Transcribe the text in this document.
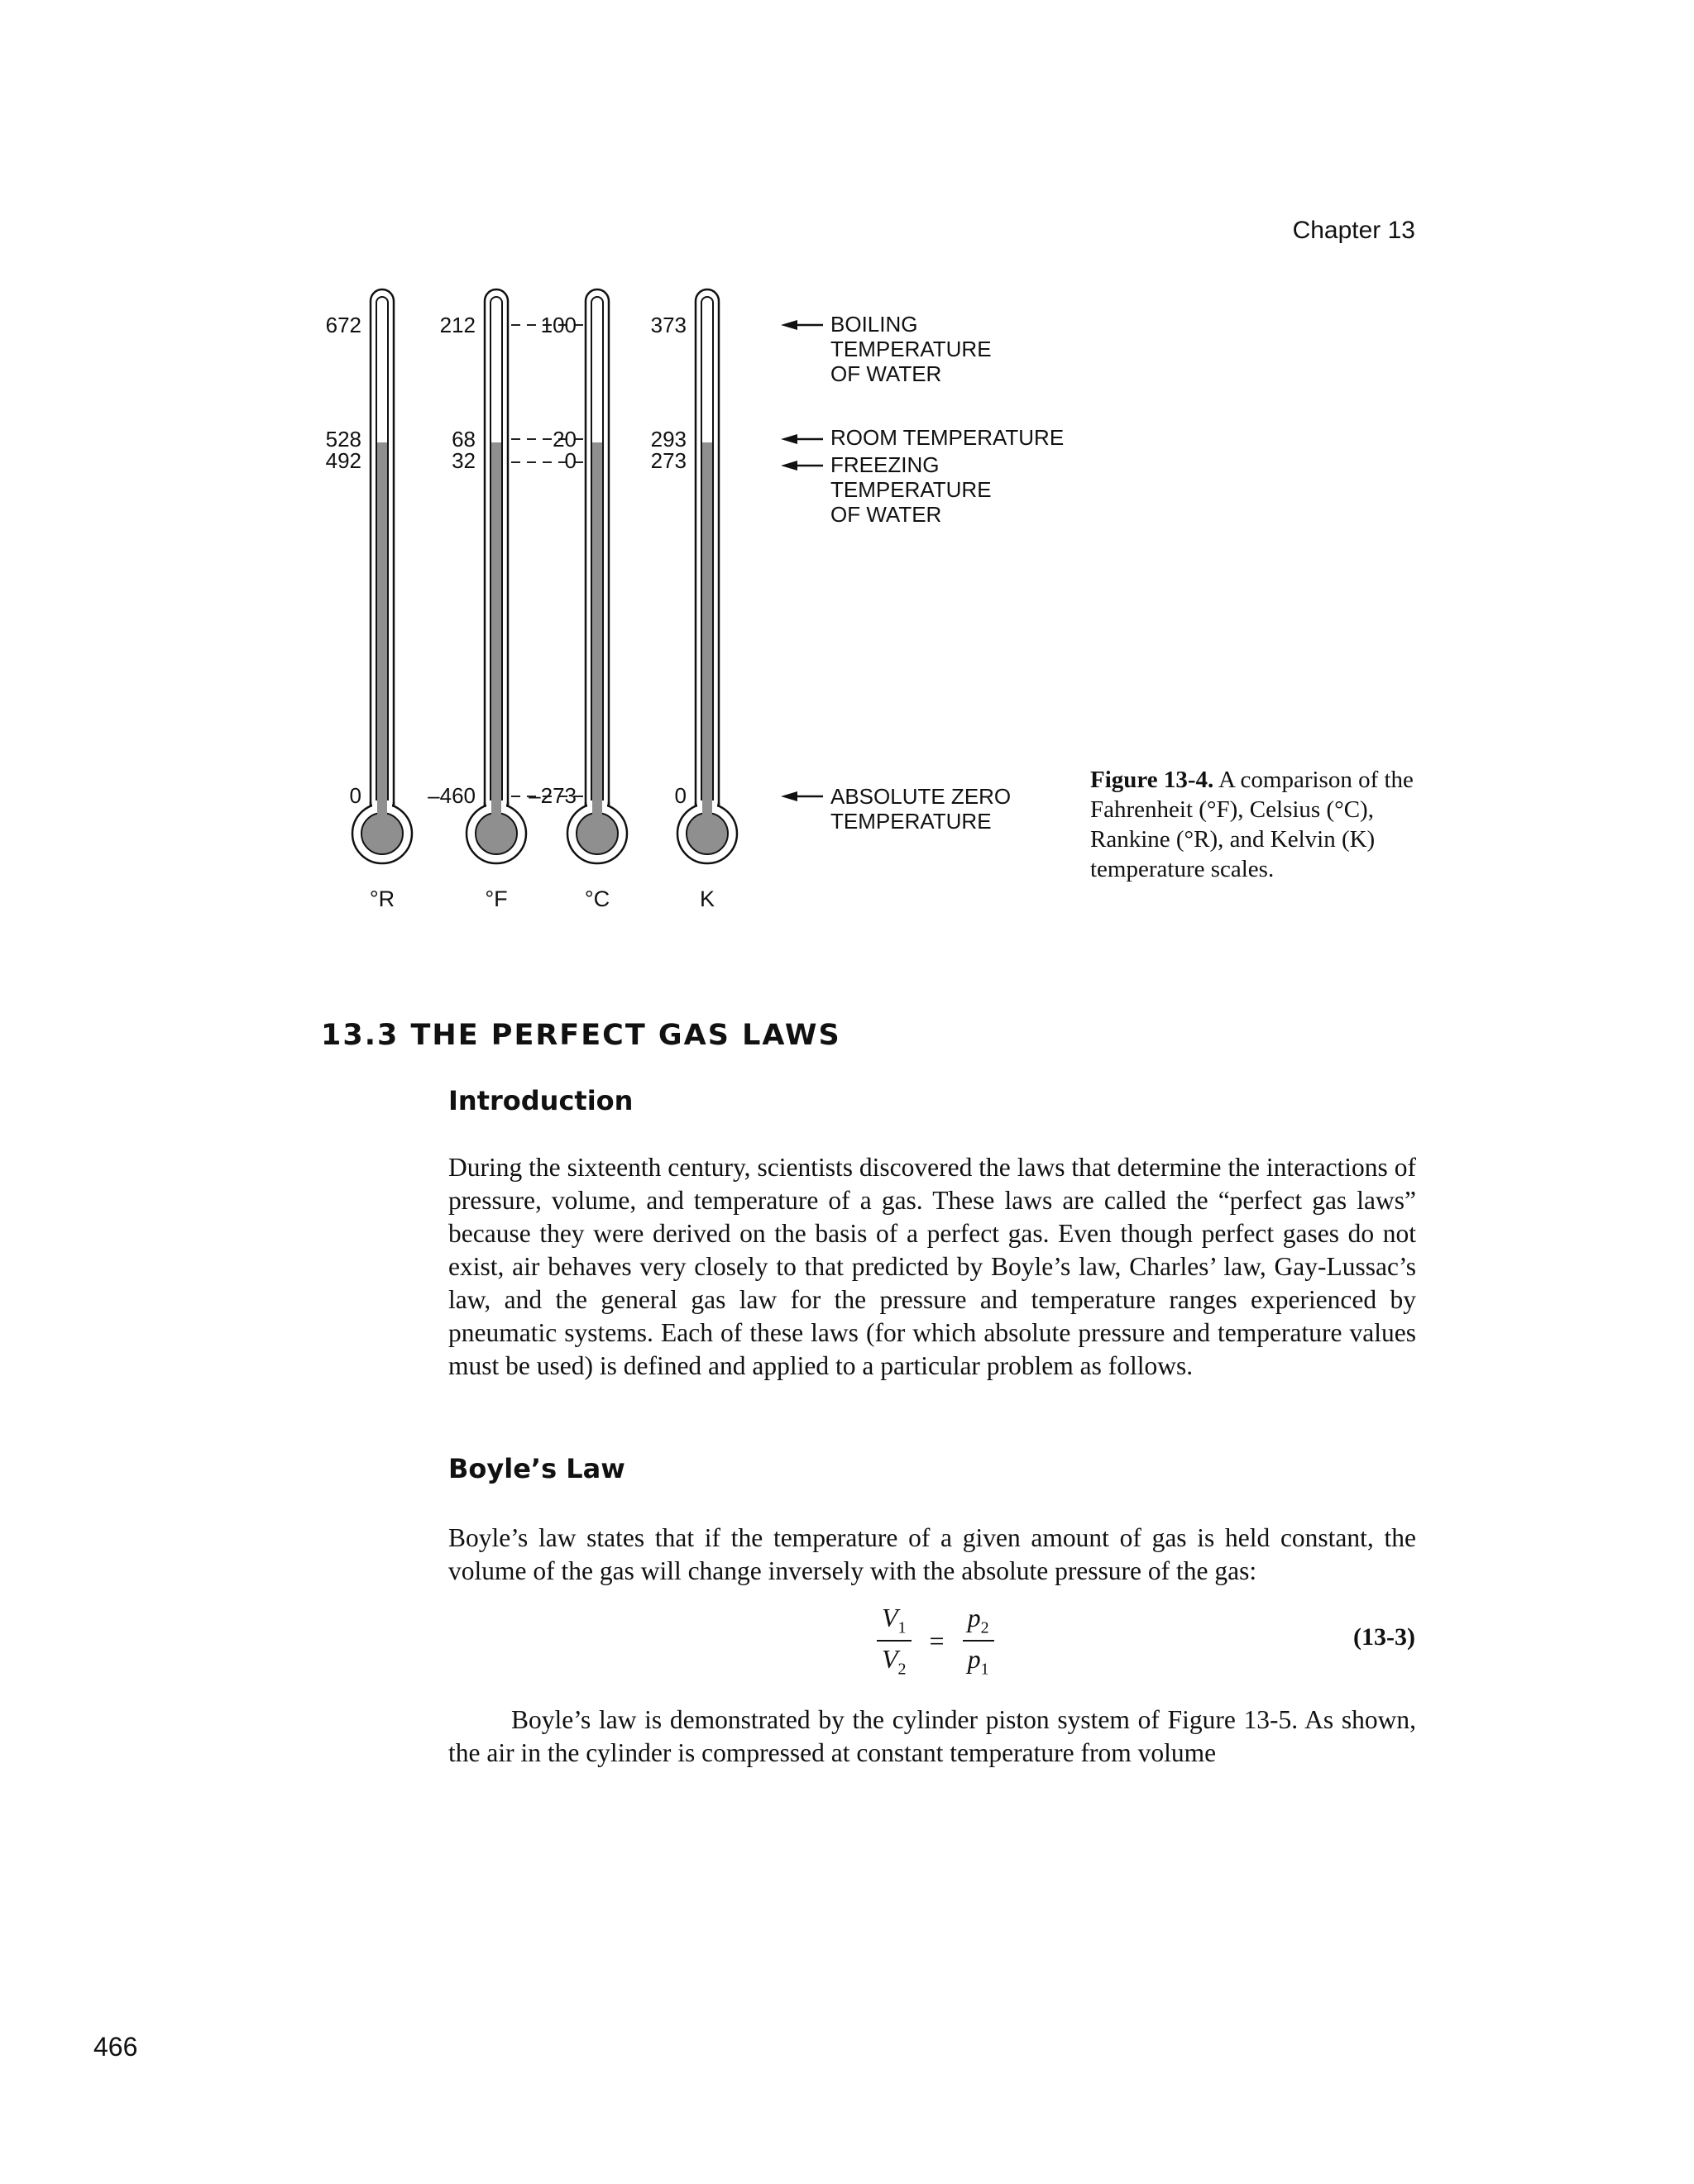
Chapter 13
°R
672
528
492
0
°F
212
68
32
–460
°C
100
20
0
–273
K
373
293
273
0
BOILING
TEMPERATURE
OF WATER
ROOM TEMPERATURE
FREEZING
TEMPERATURE
OF WATER
ABSOLUTE ZERO
TEMPERATURE
Figure 13-4. A comparison of the Fahrenheit (°F), Celsius (°C), Rankine (°R), and Kelvin (K) temperature scales.
13.3 THE PERFECT GAS LAWS
Introduction
During the sixteenth century, scientists discovered the laws that determine the interactions of pressure, volume, and temperature of a gas. These laws are called the “perfect gas laws” because they were derived on the basis of a perfect gas. Even though perfect gases do not exist, air behaves very closely to that predicted by Boyle’s law, Charles’ law, Gay-Lussac’s law, and the general gas law for the pressure and temperature ranges experienced by pneumatic systems. Each of these laws (for which absolute pressure and temperature values must be used) is defined and applied to a particular problem as follows.
Boyle’s Law
Boyle’s law states that if the temperature of a given amount of gas is held constant, the volume of the gas will change inversely with the absolute pressure of the gas:
$\frac{V_1}{V_2} = \frac{p_2}{p_1}$	(13-3)
Boyle’s law is demonstrated by the cylinder piston system of Figure 13-5. As shown, the air in the cylinder is compressed at constant temperature from volume
466
